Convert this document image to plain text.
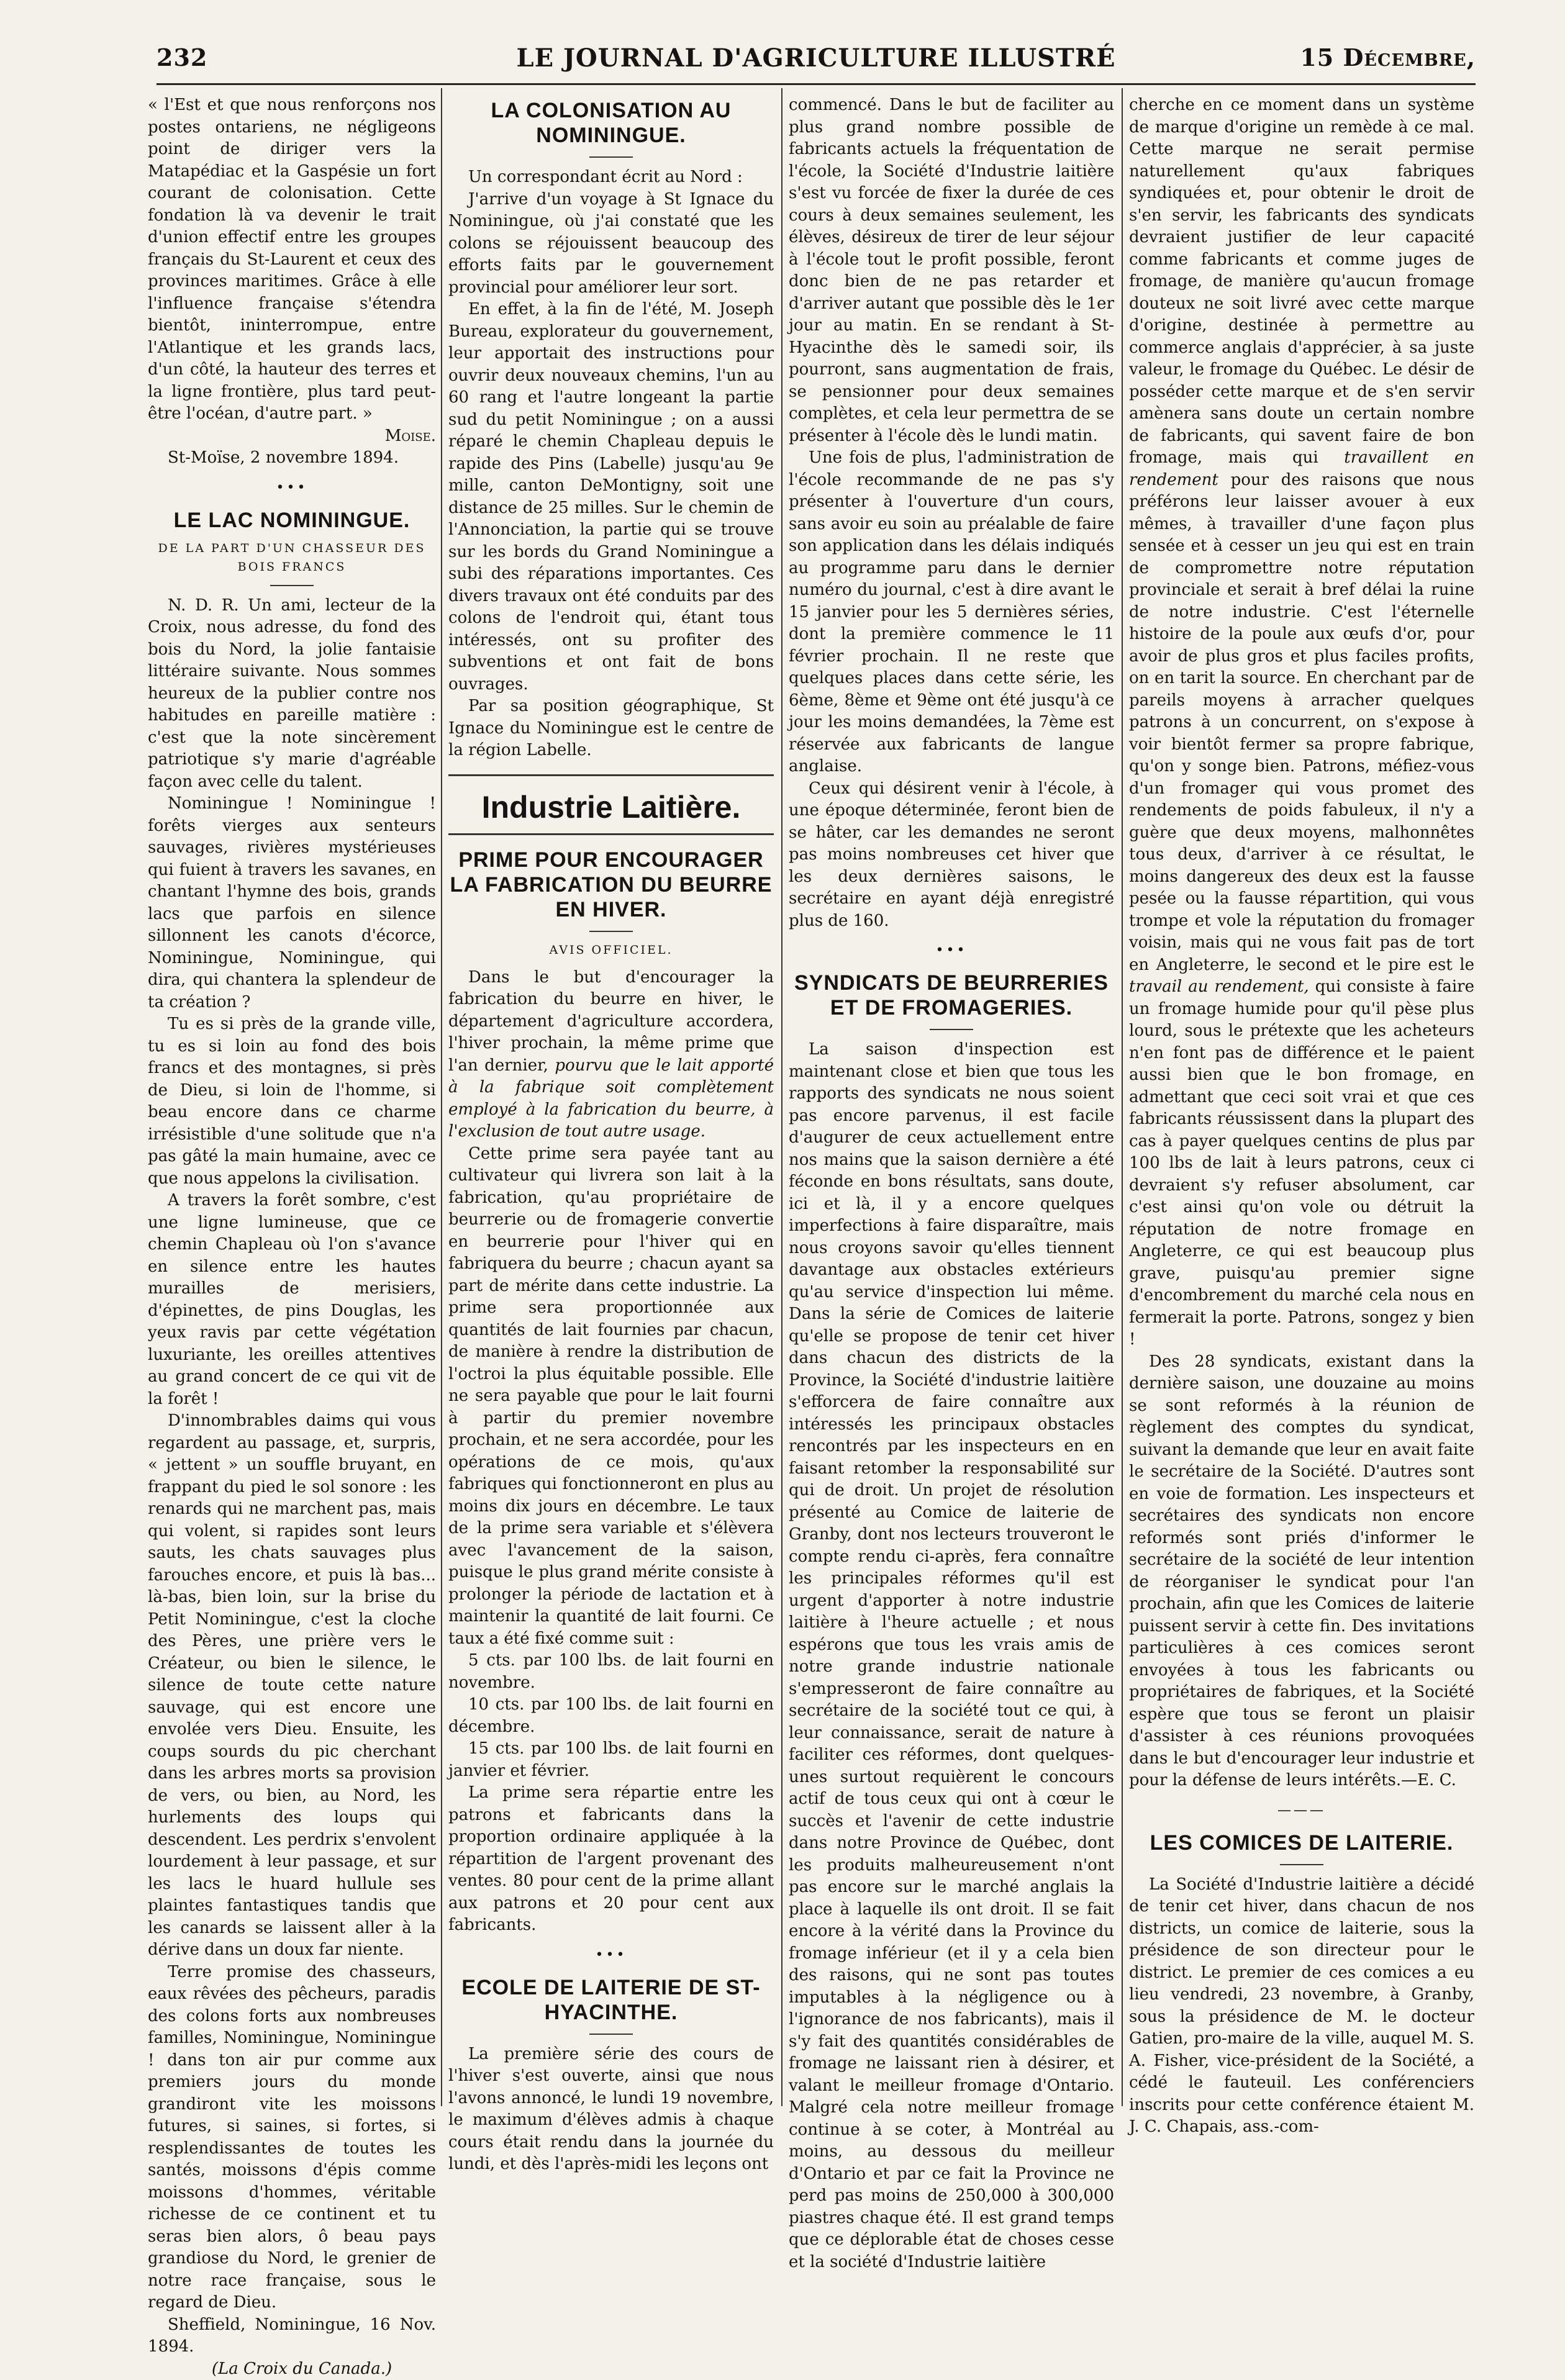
232	LE JOURNAL D'AGRICULTURE ILLUSTRÉ	15 Décembre,

« l'Est et que nous renforçons nos postes ontariens, ne négligeons point de diriger vers la Matapédiac et la Gaspésie un fort courant de colonisation. Cette fondation là va devenir le trait d'union effectif entre les groupes français du St-Laurent et ceux des provinces maritimes. Grâce à elle l'influence française s'étendra bientôt, ininterrompue, entre l'Atlantique et les grands lacs, d'un côté, la hauteur des terres et la ligne frontière, plus tard peut-être l'océan, d'autre part. »

Moise.

St-Moïse, 2 novembre 1894.

•••
LE LAC NOMININGUE.
DE LA PART D'UN CHASSEUR DES BOIS FRANCS

N. D. R. Un ami, lecteur de la Croix, nous adresse, du fond des bois du Nord, la jolie fantaisie littéraire suivante. Nous sommes heureux de la publier contre nos habitudes en pareille matière : c'est que la note sincèrement patriotique s'y marie d'agréable façon avec celle du talent.

Nominingue ! Nominingue ! forêts vierges aux senteurs sauvages, rivières mystérieuses qui fuient à travers les savanes, en chantant l'hymne des bois, grands lacs que parfois en silence sillonnent les canots d'écorce, Nominingue, Nominingue, qui dira, qui chantera la splendeur de ta création ?

Tu es si près de la grande ville, tu es si loin au fond des bois francs et des montagnes, si près de Dieu, si loin de l'homme, si beau encore dans ce charme irrésistible d'une solitude que n'a pas gâté la main humaine, avec ce que nous appelons la civilisation.

A travers la forêt sombre, c'est une ligne lumineuse, que ce chemin Chapleau où l'on s'avance en silence entre les hautes murailles de merisiers, d'épinettes, de pins Douglas, les yeux ravis par cette végétation luxuriante, les oreilles attentives au grand concert de ce qui vit de la forêt !

D'innombrables daims qui vous regardent au passage, et, surpris, « jettent » un souffle bruyant, en frappant du pied le sol sonore : les renards qui ne marchent pas, mais qui volent, si rapides sont leurs sauts, les chats sauvages plus farouches encore, et puis là bas... là-bas, bien loin, sur la brise du Petit Nominingue, c'est la cloche des Pères, une prière vers le Créateur, ou bien le silence, le silence de toute cette nature sauvage, qui est encore une envolée vers Dieu. Ensuite, les coups sourds du pic cherchant dans les arbres morts sa provision de vers, ou bien, au Nord, les hurlements des loups qui descendent. Les perdrix s'envolent lourdement à leur passage, et sur les lacs le huard hullule ses plaintes fantastiques tandis que les canards se laissent aller à la dérive dans un doux far niente.

Terre promise des chasseurs, eaux rêvées des pêcheurs, paradis des colons forts aux nombreuses familles, Nominingue, Nominingue ! dans ton air pur comme aux premiers jours du monde grandiront vite les moissons futures, si saines, si fortes, si resplendissantes de toutes les santés, moissons d'épis comme moissons d'hommes, véritable richesse de ce continent et tu seras bien alors, ô beau pays grandiose du Nord, le grenier de notre race française, sous le regard de Dieu.

Sheffield, Nominingue, 16 Nov. 1894.

(La Croix du Canada.)

LA COLONISATION AU NOMININGUE.

Un correspondant écrit au Nord :

J'arrive d'un voyage à St Ignace du Nominingue, où j'ai constaté que les colons se réjouissent beaucoup des efforts faits par le gouvernement provincial pour améliorer leur sort.

En effet, à la fin de l'été, M. Joseph Bureau, explorateur du gouvernement, leur apportait des instructions pour ouvrir deux nouveaux chemins, l'un au 60 rang et l'autre longeant la partie sud du petit Nominingue ; on a aussi réparé le chemin Chapleau depuis le rapide des Pins (Labelle) jusqu'au 9e mille, canton DeMontigny, soit une distance de 25 milles. Sur le chemin de l'Annonciation, la partie qui se trouve sur les bords du Grand Nominingue a subi des réparations importantes. Ces divers travaux ont été conduits par des colons de l'endroit qui, étant tous intéressés, ont su profiter des subventions et ont fait de bons ouvrages.

Par sa position géographique, St Ignace du Nominingue est le centre de la région Labelle.

Industrie Laitière.
PRIME POUR ENCOURAGER LA FABRICATION DU BEURRE EN HIVER.
AVIS OFFICIEL.

Dans le but d'encourager la fabrication du beurre en hiver, le département d'agriculture accordera, l'hiver prochain, la même prime que l'an dernier, pourvu que le lait apporté à la fabrique soit complètement employé à la fabrication du beurre, à l'exclusion de tout autre usage.

Cette prime sera payée tant au cultivateur qui livrera son lait à la fabrication, qu'au propriétaire de beurrerie ou de fromagerie convertie en beurrerie pour l'hiver qui en fabriquera du beurre ; chacun ayant sa part de mérite dans cette industrie. La prime sera proportionnée aux quantités de lait fournies par chacun, de manière à rendre la distribution de l'octroi la plus équitable possible. Elle ne sera payable que pour le lait fourni à partir du premier novembre prochain, et ne sera accordée, pour les opérations de ce mois, qu'aux fabriques qui fonctionneront en plus au moins dix jours en décembre. Le taux de la prime sera variable et s'élèvera avec l'avancement de la saison, puisque le plus grand mérite consiste à prolonger la période de lactation et à maintenir la quantité de lait fourni. Ce taux a été fixé comme suit :

5 cts. par 100 lbs. de lait fourni en novembre.

10 cts. par 100 lbs. de lait fourni en décembre.

15 cts. par 100 lbs. de lait fourni en janvier et février.

La prime sera répartie entre les patrons et fabricants dans la proportion ordinaire appliquée à la répartition de l'argent provenant des ventes. 80 pour cent de la prime allant aux patrons et 20 pour cent aux fabricants.

•••
ECOLE DE LAITERIE DE ST-HYACINTHE.

La première série des cours de l'hiver s'est ouverte, ainsi que nous l'avons annoncé, le lundi 19 novembre, le maximum d'élèves admis à chaque cours était rendu dans la journée du lundi, et dès l'après-midi les leçons ont

commencé. Dans le but de faciliter au plus grand nombre possible de fabricants actuels la fréquentation de l'école, la Société d'Industrie laitière s'est vu forcée de fixer la durée de ces cours à deux semaines seulement, les élèves, désireux de tirer de leur séjour à l'école tout le profit possible, feront donc bien de ne pas retarder et d'arriver autant que possible dès le 1er jour au matin. En se rendant à St-Hyacinthe dès le samedi soir, ils pourront, sans augmentation de frais, se pensionner pour deux semaines complètes, et cela leur permettra de se présenter à l'école dès le lundi matin.

Une fois de plus, l'administration de l'école recommande de ne pas s'y présenter à l'ouverture d'un cours, sans avoir eu soin au préalable de faire son application dans les délais indiqués au programme paru dans le dernier numéro du journal, c'est à dire avant le 15 janvier pour les 5 dernières séries, dont la première commence le 11 février prochain. Il ne reste que quelques places dans cette série, les 6ème, 8ème et 9ème ont été jusqu'à ce jour les moins demandées, la 7ème est réservée aux fabricants de langue anglaise.

Ceux qui désirent venir à l'école, à une époque déterminée, feront bien de se hâter, car les demandes ne seront pas moins nombreuses cet hiver que les deux dernières saisons, le secrétaire en ayant déjà enregistré plus de 160.

•••
SYNDICATS DE BEURRERIES ET DE FROMAGERIES.

La saison d'inspection est maintenant close et bien que tous les rapports des syndicats ne nous soient pas encore parvenus, il est facile d'augurer de ceux actuellement entre nos mains que la saison dernière a été féconde en bons résultats, sans doute, ici et là, il y a encore quelques imperfections à faire disparaître, mais nous croyons savoir qu'elles tiennent davantage aux obstacles extérieurs qu'au service d'inspection lui même. Dans la série de Comices de laiterie qu'elle se propose de tenir cet hiver dans chacun des districts de la Province, la Société d'industrie laitière s'efforcera de faire connaître aux intéressés les principaux obstacles rencontrés par les inspecteurs en en faisant retomber la responsabilité sur qui de droit. Un projet de résolution présenté au Comice de laiterie de Granby, dont nos lecteurs trouveront le compte rendu ci-après, fera connaître les principales réformes qu'il est urgent d'apporter à notre industrie laitière à l'heure actuelle ; et nous espérons que tous les vrais amis de notre grande industrie nationale s'empresseront de faire connaître au secrétaire de la société tout ce qui, à leur connaissance, serait de nature à faciliter ces réformes, dont quelques-unes surtout requièrent le concours actif de tous ceux qui ont à cœur le succès et l'avenir de cette industrie dans notre Province de Québec, dont les produits malheureusement n'ont pas encore sur le marché anglais la place à laquelle ils ont droit. Il se fait encore à la vérité dans la Province du fromage inférieur (et il y a cela bien des raisons, qui ne sont pas toutes imputables à la négligence ou à l'ignorance de nos fabricants), mais il s'y fait des quantités considérables de fromage ne laissant rien à désirer, et valant le meilleur fromage d'Ontario. Malgré cela notre meilleur fromage continue à se coter, à Montréal au moins, au dessous du meilleur d'Ontario et par ce fait la Province ne perd pas moins de 250,000 à 300,000 piastres chaque été. Il est grand temps que ce déplorable état de choses cesse et la société d'Industrie laitière

cherche en ce moment dans un système de marque d'origine un remède à ce mal. Cette marque ne serait permise naturellement qu'aux fabriques syndiquées et, pour obtenir le droit de s'en servir, les fabricants des syndicats devraient justifier de leur capacité comme fabricants et comme juges de fromage, de manière qu'aucun fromage douteux ne soit livré avec cette marque d'origine, destinée à permettre au commerce anglais d'apprécier, à sa juste valeur, le fromage du Québec. Le désir de posséder cette marque et de s'en servir amènera sans doute un certain nombre de fabricants, qui savent faire de bon fromage, mais qui travaillent en rendement pour des raisons que nous préférons leur laisser avouer à eux mêmes, à travailler d'une façon plus sensée et à cesser un jeu qui est en train de compromettre notre réputation provinciale et serait à bref délai la ruine de notre industrie. C'est l'éternelle histoire de la poule aux œufs d'or, pour avoir de plus gros et plus faciles profits, on en tarit la source. En cherchant par de pareils moyens à arracher quelques patrons à un concurrent, on s'expose à voir bientôt fermer sa propre fabrique, qu'on y songe bien. Patrons, méfiez-vous d'un fromager qui vous promet des rendements de poids fabuleux, il n'y a guère que deux moyens, malhonnêtes tous deux, d'arriver à ce résultat, le moins dangereux des deux est la fausse pesée ou la fausse répartition, qui vous trompe et vole la réputation du fromager voisin, mais qui ne vous fait pas de tort en Angleterre, le second et le pire est le travail au rendement, qui consiste à faire un fromage humide pour qu'il pèse plus lourd, sous le prétexte que les acheteurs n'en font pas de différence et le paient aussi bien que le bon fromage, en admettant que ceci soit vrai et que ces fabricants réussissent dans la plupart des cas à payer quelques centins de plus par 100 lbs de lait à leurs patrons, ceux ci devraient s'y refuser absolument, car c'est ainsi qu'on vole ou détruit la réputation de notre fromage en Angleterre, ce qui est beaucoup plus grave, puisqu'au premier signe d'encombrement du marché cela nous en fermerait la porte. Patrons, songez y bien !

Des 28 syndicats, existant dans la dernière saison, une douzaine au moins se sont reformés à la réunion de règlement des comptes du syndicat, suivant la demande que leur en avait faite le secrétaire de la Société. D'autres sont en voie de formation. Les inspecteurs et secrétaires des syndicats non encore reformés sont priés d'informer le secrétaire de la société de leur intention de réorganiser le syndicat pour l'an prochain, afin que les Comices de laiterie puissent servir à cette fin. Des invitations particulières à ces comices seront envoyées à tous les fabricants ou propriétaires de fabriques, et la Société espère que tous se feront un plaisir d'assister à ces réunions provoquées dans le but d'encourager leur industrie et pour la défense de leurs intérêts.—E. C.

———
LES COMICES DE LAITERIE.

La Société d'Industrie laitière a décidé de tenir cet hiver, dans chacun de nos districts, un comice de laiterie, sous la présidence de son directeur pour le district. Le premier de ces comices a eu lieu vendredi, 23 novembre, à Granby, sous la présidence de M. le docteur Gatien, pro-maire de la ville, auquel M. S. A. Fisher, vice-président de la Société, a cédé le fauteuil. Les conférenciers inscrits pour cette conférence étaient M. J. C. Chapais, ass.-com-
